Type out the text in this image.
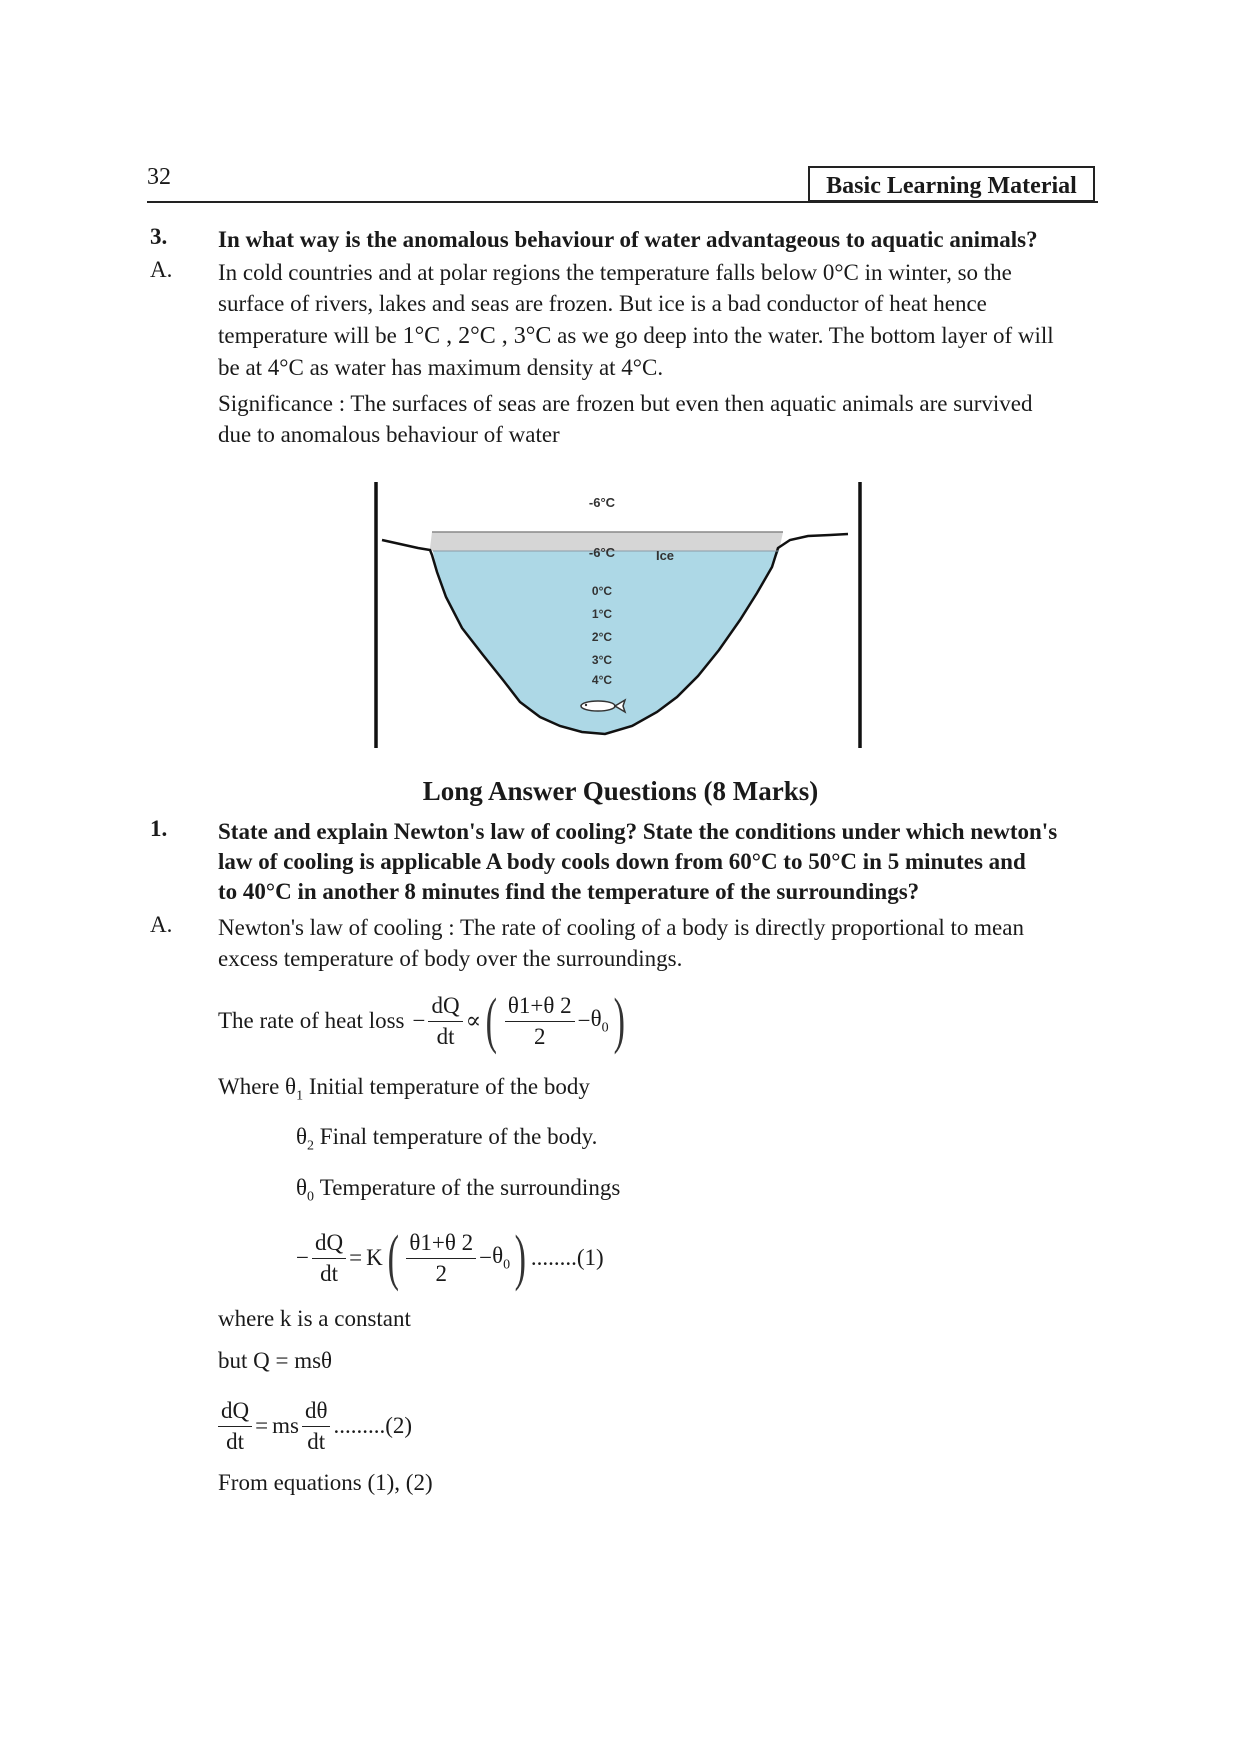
32	Basic Learning Material
3. In what way is the anomalous behaviour of water advantageous to aquatic animals?
A. In cold countries and at polar regions the temperature falls below 0°C in winter, so the
surface of rivers, lakes and seas are frozen. But ice is a bad conductor of heat hence
temperature will be 1°C , 2°C , 3°C as we go deep into the water. The bottom layer of will
be at 4°C as water has maximum density at 4°C.
Significance : The surfaces of seas are frozen but even then aquatic animals are survived
due to anomalous behaviour of water
-6°C
-6°C	Ice
0°C
1°C
2°C
3°C
4°C
Long Answer Questions (8 Marks)
1. State and explain Newton's law of cooling? State the conditions under which newton's
law of cooling is applicable A body cools down from 60°C to 50°C in 5 minutes and
to 40°C in another 8 minutes find the temperature of the surroundings?
A. Newton's law of cooling : The rate of cooling of a body is directly proportional to mean
excess temperature of body over the surroundings.
The rate of heat loss − $\frac{dQ}{dt}$ ∝ ( $\frac{\theta 1+\theta 2}{2} - \theta_0$ )
Where $\theta_1$ Initial temperature of the body
$\theta_2$ Final temperature of the body.
$\theta_0$ Temperature of the surroundings
− $\frac{dQ}{dt} = K$ ( $\frac{\theta 1+\theta 2}{2} - \theta_0$ ) ........(1)
where k is a constant
but Q = msθ
$\frac{dQ}{dt}$ = ms $\frac{d\theta}{dt} .........(2)$
From equations (1), (2)
